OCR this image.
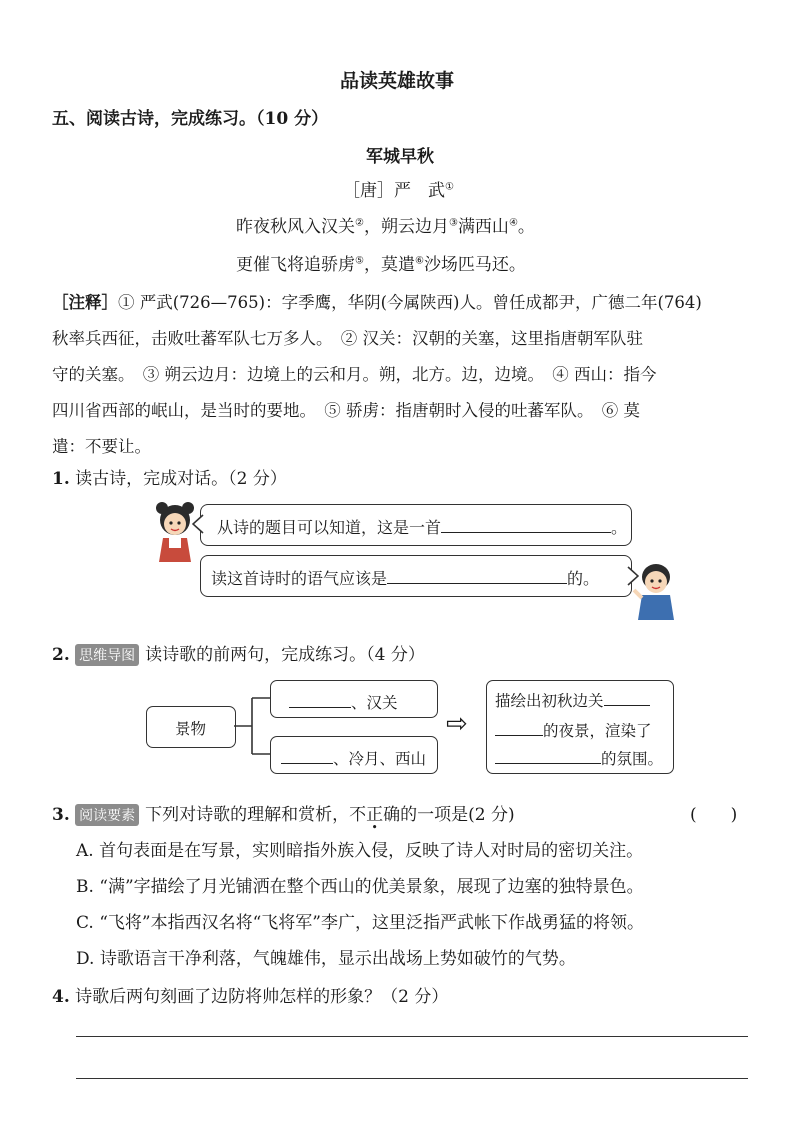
品读英雄故事
五、阅读古诗，完成练习。（10 分）
军城早秋
［唐］严　武①
昨夜秋风入汉关②，朔云边月③满西山④。
更催飞将追骄虏⑤，莫遣⑥沙场匹马还。
［注释］① 严武(726—765)：字季鹰，华阴(今属陕西)人。曾任成都尹，广德二年(764)
秋率兵西征，击败吐蕃军队七万多人。　② 汉关：汉朝的关塞，这里指唐朝军队驻
守的关塞。　③ 朔云边月：边境上的云和月。朔，北方。边，边境。　④ 西山：指今
四川省西部的岷山，是当时的要地。　⑤ 骄虏：指唐朝时入侵的吐蕃军队。　⑥ 莫
遣：不要让。
1. 读古诗，完成对话。（2 分）
从诗的题目可以知道，这是一首	。
读这首诗时的语气应该是	的。
2. 思维导图 读诗歌的前两句，完成练习。（4 分）
景物
、汉关
、冷月、西山
⇨
描绘出初秋边关
的夜景，渲染了
的氛围。
3. 阅读要素 下列对诗歌的理解和赏析，不正确的一项是(2 分)	(　　)
A. 首句表面是在写景，实则暗指外族入侵，反映了诗人对时局的密切关注。
B. “满”字描绘了月光铺洒在整个西山的优美景象，展现了边塞的独特景色。
C. “飞将”本指西汉名将“飞将军”李广，这里泛指严武帐下作战勇猛的将领。
D. 诗歌语言干净利落，气魄雄伟，显示出战场上势如破竹的气势。
4. 诗歌后两句刻画了边防将帅怎样的形象？（2 分）
